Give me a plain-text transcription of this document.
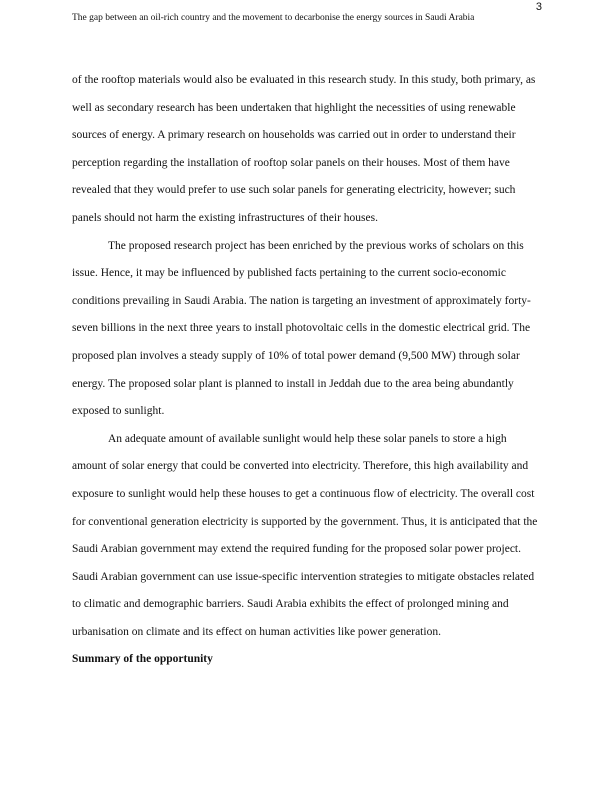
3
The gap between an oil-rich country and the movement to decarbonise the energy sources in Saudi Arabia

of the rooftop materials would also be evaluated in this research study. In this study, both primary, as well as secondary research has been undertaken that highlight the necessities of using renewable sources of energy. A primary research on households was carried out in order to understand their perception regarding the installation of rooftop solar panels on their houses. Most of them have revealed that they would prefer to use such solar panels for generating electricity, however; such panels should not harm the existing infrastructures of their houses.

The proposed research project has been enriched by the previous works of scholars on this issue. Hence, it may be influenced by published facts pertaining to the current socio-economic conditions prevailing in Saudi Arabia. The nation is targeting an investment of approximately forty-seven billions in the next three years to install photovoltaic cells in the domestic electrical grid. The proposed plan involves a steady supply of 10% of total power demand (9,500 MW) through solar energy. The proposed solar plant is planned to install in Jeddah due to the area being abundantly exposed to sunlight.

An adequate amount of available sunlight would help these solar panels to store a high amount of solar energy that could be converted into electricity. Therefore, this high availability and exposure to sunlight would help these houses to get a continuous flow of electricity. The overall cost for conventional generation electricity is supported by the government. Thus, it is anticipated that the Saudi Arabian government may extend the required funding for the proposed solar power project. Saudi Arabian government can use issue-specific intervention strategies to mitigate obstacles related to climatic and demographic barriers. Saudi Arabia exhibits the effect of prolonged mining and urbanisation on climate and its effect on human activities like power generation.

Summary of the opportunity
